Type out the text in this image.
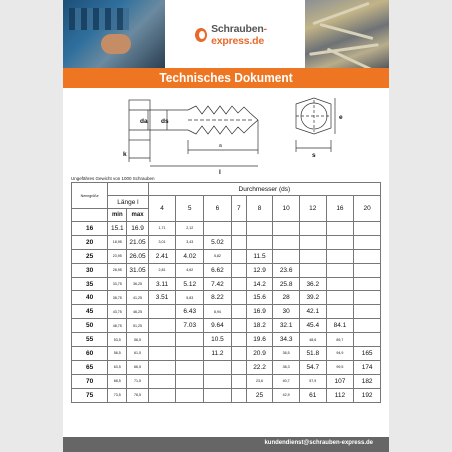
Schrauben-express.de
Technisches Dokument
da ds
k
a
l
e
s
Ungefähres Gewicht von 1000 Schrauben
Nenngröße			Durchmesser (ds)								
	Länge l		4	5	6	7	8	10	12	16	20
	min	max									
16	15.1	16.9	1,71	2,12							
20	18,95	21.05	3,01	3,43	5.02						
25	23,95	26.05	2.41	4.02	5,82		11.5				
30	28,95	31.05	2,81	4,62	6.62		12.9	23.6			
35	33,75	36,25	3.11	5.12	7.42		14.2	25.8	36.2		
40	38,75	41,25	3.51	5,83	8.22		15.6	28	39.2		
45	43,75	46,25		6.43	8,94		16.9	30	42.1		
50	48,75	51,25		7.03	9.64		18.2	32.1	45.4	84.1	
55	53,5	56,5			10.5		19.6	34.3	48,6	89,7	
60	58,5	61,5			11.2		20.9	36,5	51.8	94,9	165
65	63,5	66,5					22.2	38,3	54.7	99,5	174
70	68,5	71,5					23,6	40,7	57,9	107	182
75	73,5	76,5					25	42,9	61	112	192
kundendienst@schrauben-express.de
